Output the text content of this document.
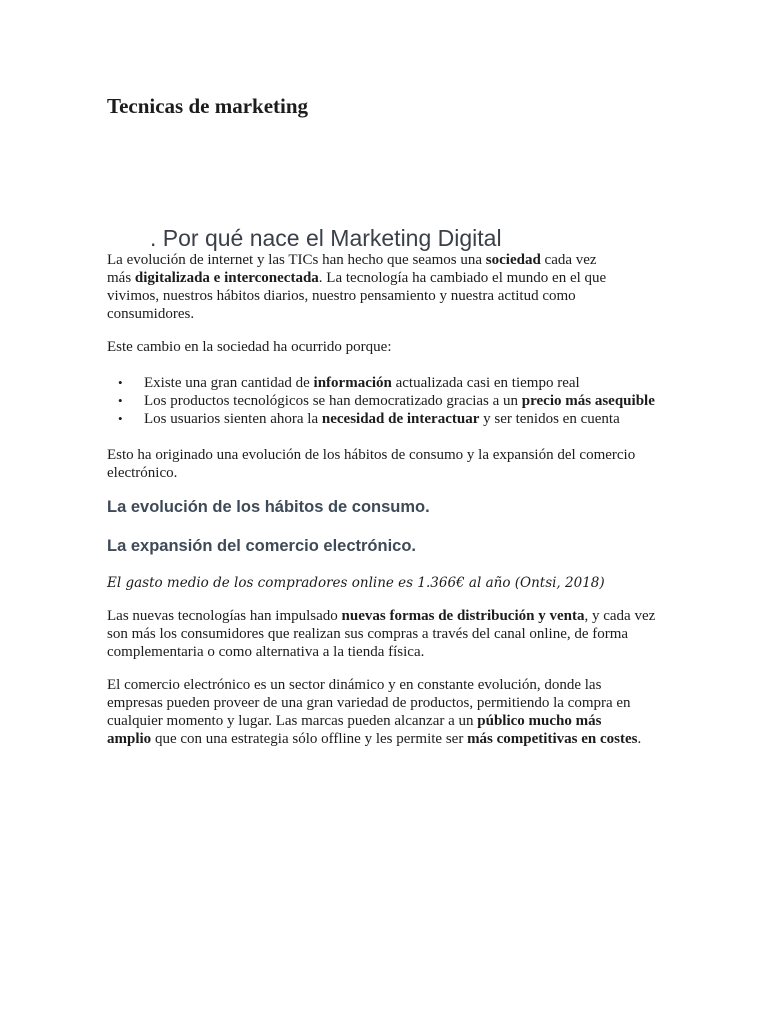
Tecnicas de marketing
. Por qué nace el Marketing Digital

La evolución de internet y las TICs han hecho que seamos una sociedad cada vez
más digitalizada e interconectada. La tecnología ha cambiado el mundo en el que
vivimos, nuestros hábitos diarios, nuestro pensamiento y nuestra actitud como
consumidores.

Este cambio en la sociedad ha ocurrido porque:

• Existe una gran cantidad de información actualizada casi en tiempo real
• Los productos tecnológicos se han democratizado gracias a un precio más asequible
• Los usuarios sienten ahora la necesidad de interactuar y ser tenidos en cuenta

Esto ha originado una evolución de los hábitos de consumo y la expansión del comercio
electrónico.

La evolución de los hábitos de consumo.
La expansión del comercio electrónico.

El gasto medio de los compradores online es 1.366€ al año (Ontsi, 2018)

Las nuevas tecnologías han impulsado nuevas formas de distribución y venta, y cada vez
son más los consumidores que realizan sus compras a través del canal online, de forma
complementaria o como alternativa a la tienda física.

El comercio electrónico es un sector dinámico y en constante evolución, donde las
empresas pueden proveer de una gran variedad de productos, permitiendo la compra en
cualquier momento y lugar. Las marcas pueden alcanzar a un público mucho más
amplio que con una estrategia sólo offline y les permite ser más competitivas en costes.
